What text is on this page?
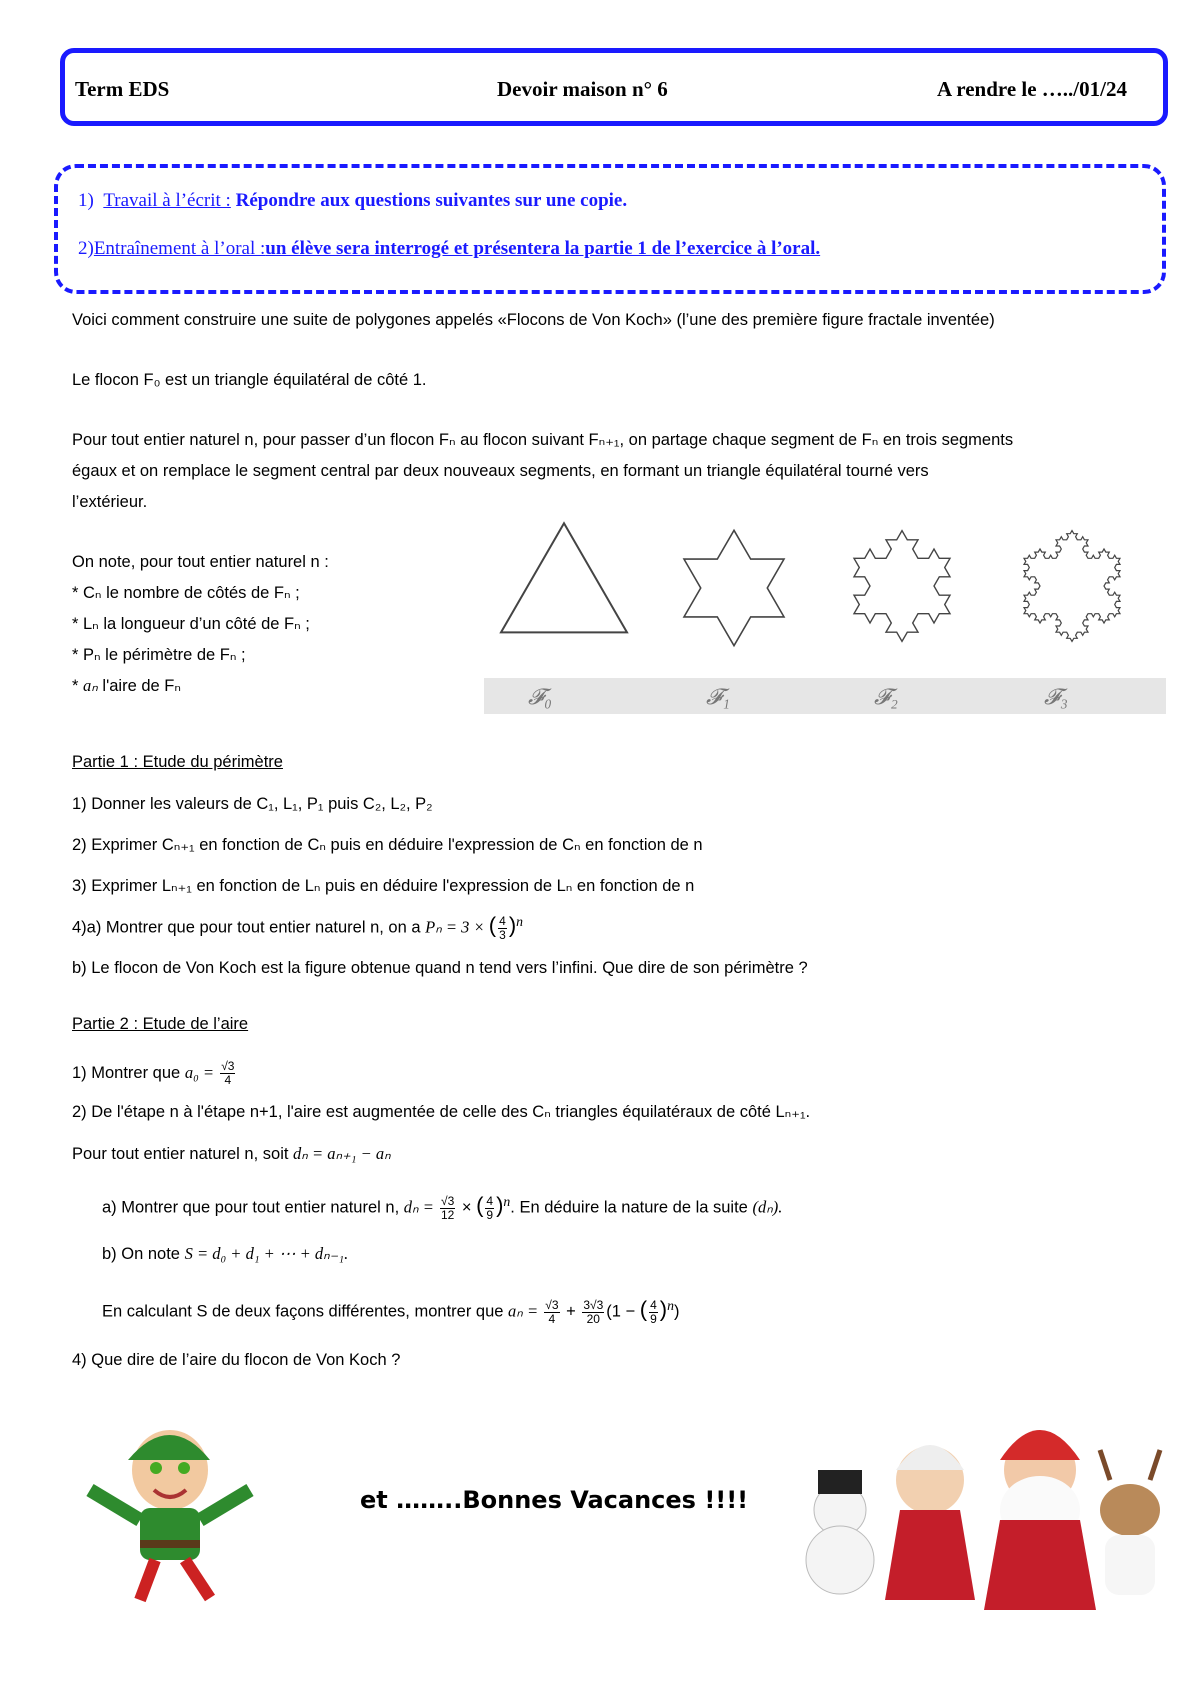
Term EDS	Devoir maison n° 6	A rendre le …../01/24
1) Travail à l’écrit : Répondre aux questions suivantes sur une copie.
2)Entraînement à l’oral :un élève sera interrogé et présentera la partie 1 de l’exercice à l’oral.
Voici comment construire une suite de polygones appelés «Flocons de Von Koch» (l’une des première figure fractale inventée)
Le flocon F₀ est un triangle équilatéral de côté 1.
Pour tout entier naturel n, pour passer d’un flocon Fₙ au flocon suivant Fₙ₊₁, on partage chaque segment de Fₙ en trois segments
égaux et on remplace le segment central par deux nouveaux segments, en formant un triangle équilatéral tourné vers
l’extérieur.
On note, pour tout entier naturel n :
* Cₙ le nombre de côtés de Fₙ ;
* Lₙ la longueur d’un côté de Fₙ ;
* Pₙ le périmètre de Fₙ ;
* aₙ l'aire de Fₙ	𝓕₀	𝓕₁	𝓕₂	𝓕₃
Partie 1 : Etude du périmètre
1) Donner les valeurs de C₁, L₁, P₁ puis C₂, L₂, P₂
2) Exprimer Cₙ₊₁ en fonction de Cₙ puis en déduire l'expression de Cₙ en fonction de n
3) Exprimer Lₙ₊₁ en fonction de Lₙ puis en déduire l'expression de Lₙ en fonction de n
4)a) Montrer que pour tout entier naturel n, on a Pₙ = 3 × ( $\frac{4}{3} )^n$
b) Le flocon de Von Koch est la figure obtenue quand n tend vers l’infini. Que dire de son périmètre ?
Partie 2 : Etude de l’aire
1) Montrer que $a_0 = \frac{√3}{4}$
2) De l'étape n à l'étape n+1, l'aire est augmentée de celle des Cₙ triangles équilatéraux de côté Lₙ₊₁.
Pour tout entier naturel n, soit dₙ = aₙ₊₁ − aₙ
a) Montrer que pour tout entier naturel n, $d_n = \frac{√3}{12}$ × ( $\frac{4}{9} )^n$. En déduire la nature de la suite (dₙ).
b) On note S = d₀ + d₁ + ⋯ + dₙ₋₁.
En calculant S de deux façons différentes, montrer que $a_n = \frac{√3}{4} + \frac{3√3}{20} (1$ − ( $\frac{4}{9} )^n$)
4) Que dire de l’aire du flocon de Von Koch ?
et ……..Bonnes Vacances !!!!
